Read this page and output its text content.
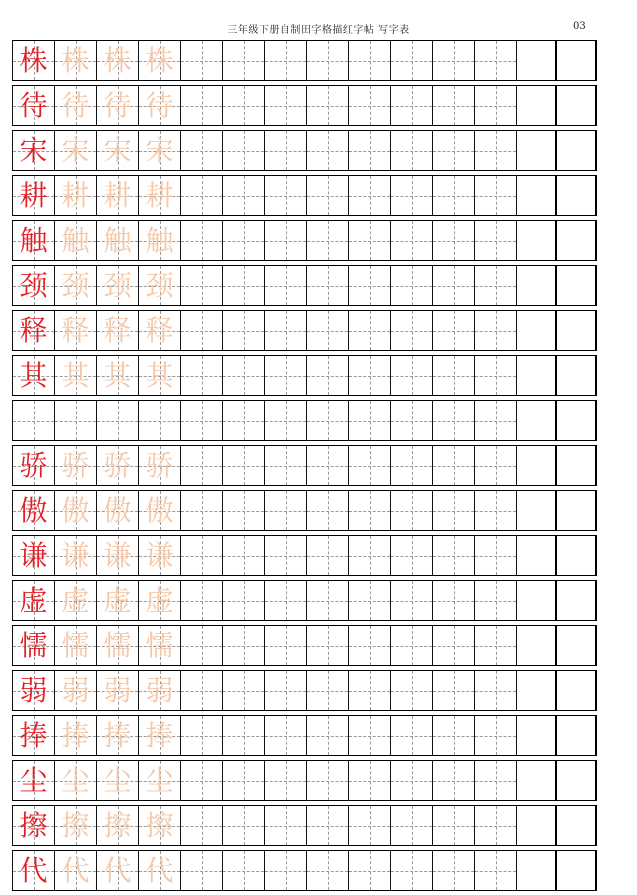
三年级下册自制田字格描红字帖 写字表	03
株 株 株 株
待 待 待 待
宋 宋 宋 宋
耕 耕 耕 耕
触 触 触 触
颈 颈 颈 颈
释 释 释 释
其 其 其 其
骄 骄 骄 骄
傲 傲 傲 傲
谦 谦 谦 谦
虚 虚 虚 虚
懦 懦 懦 懦
弱 弱 弱 弱
捧 捧 捧 捧
尘 尘 尘 尘
擦 擦 擦 擦
代 代 代 代
